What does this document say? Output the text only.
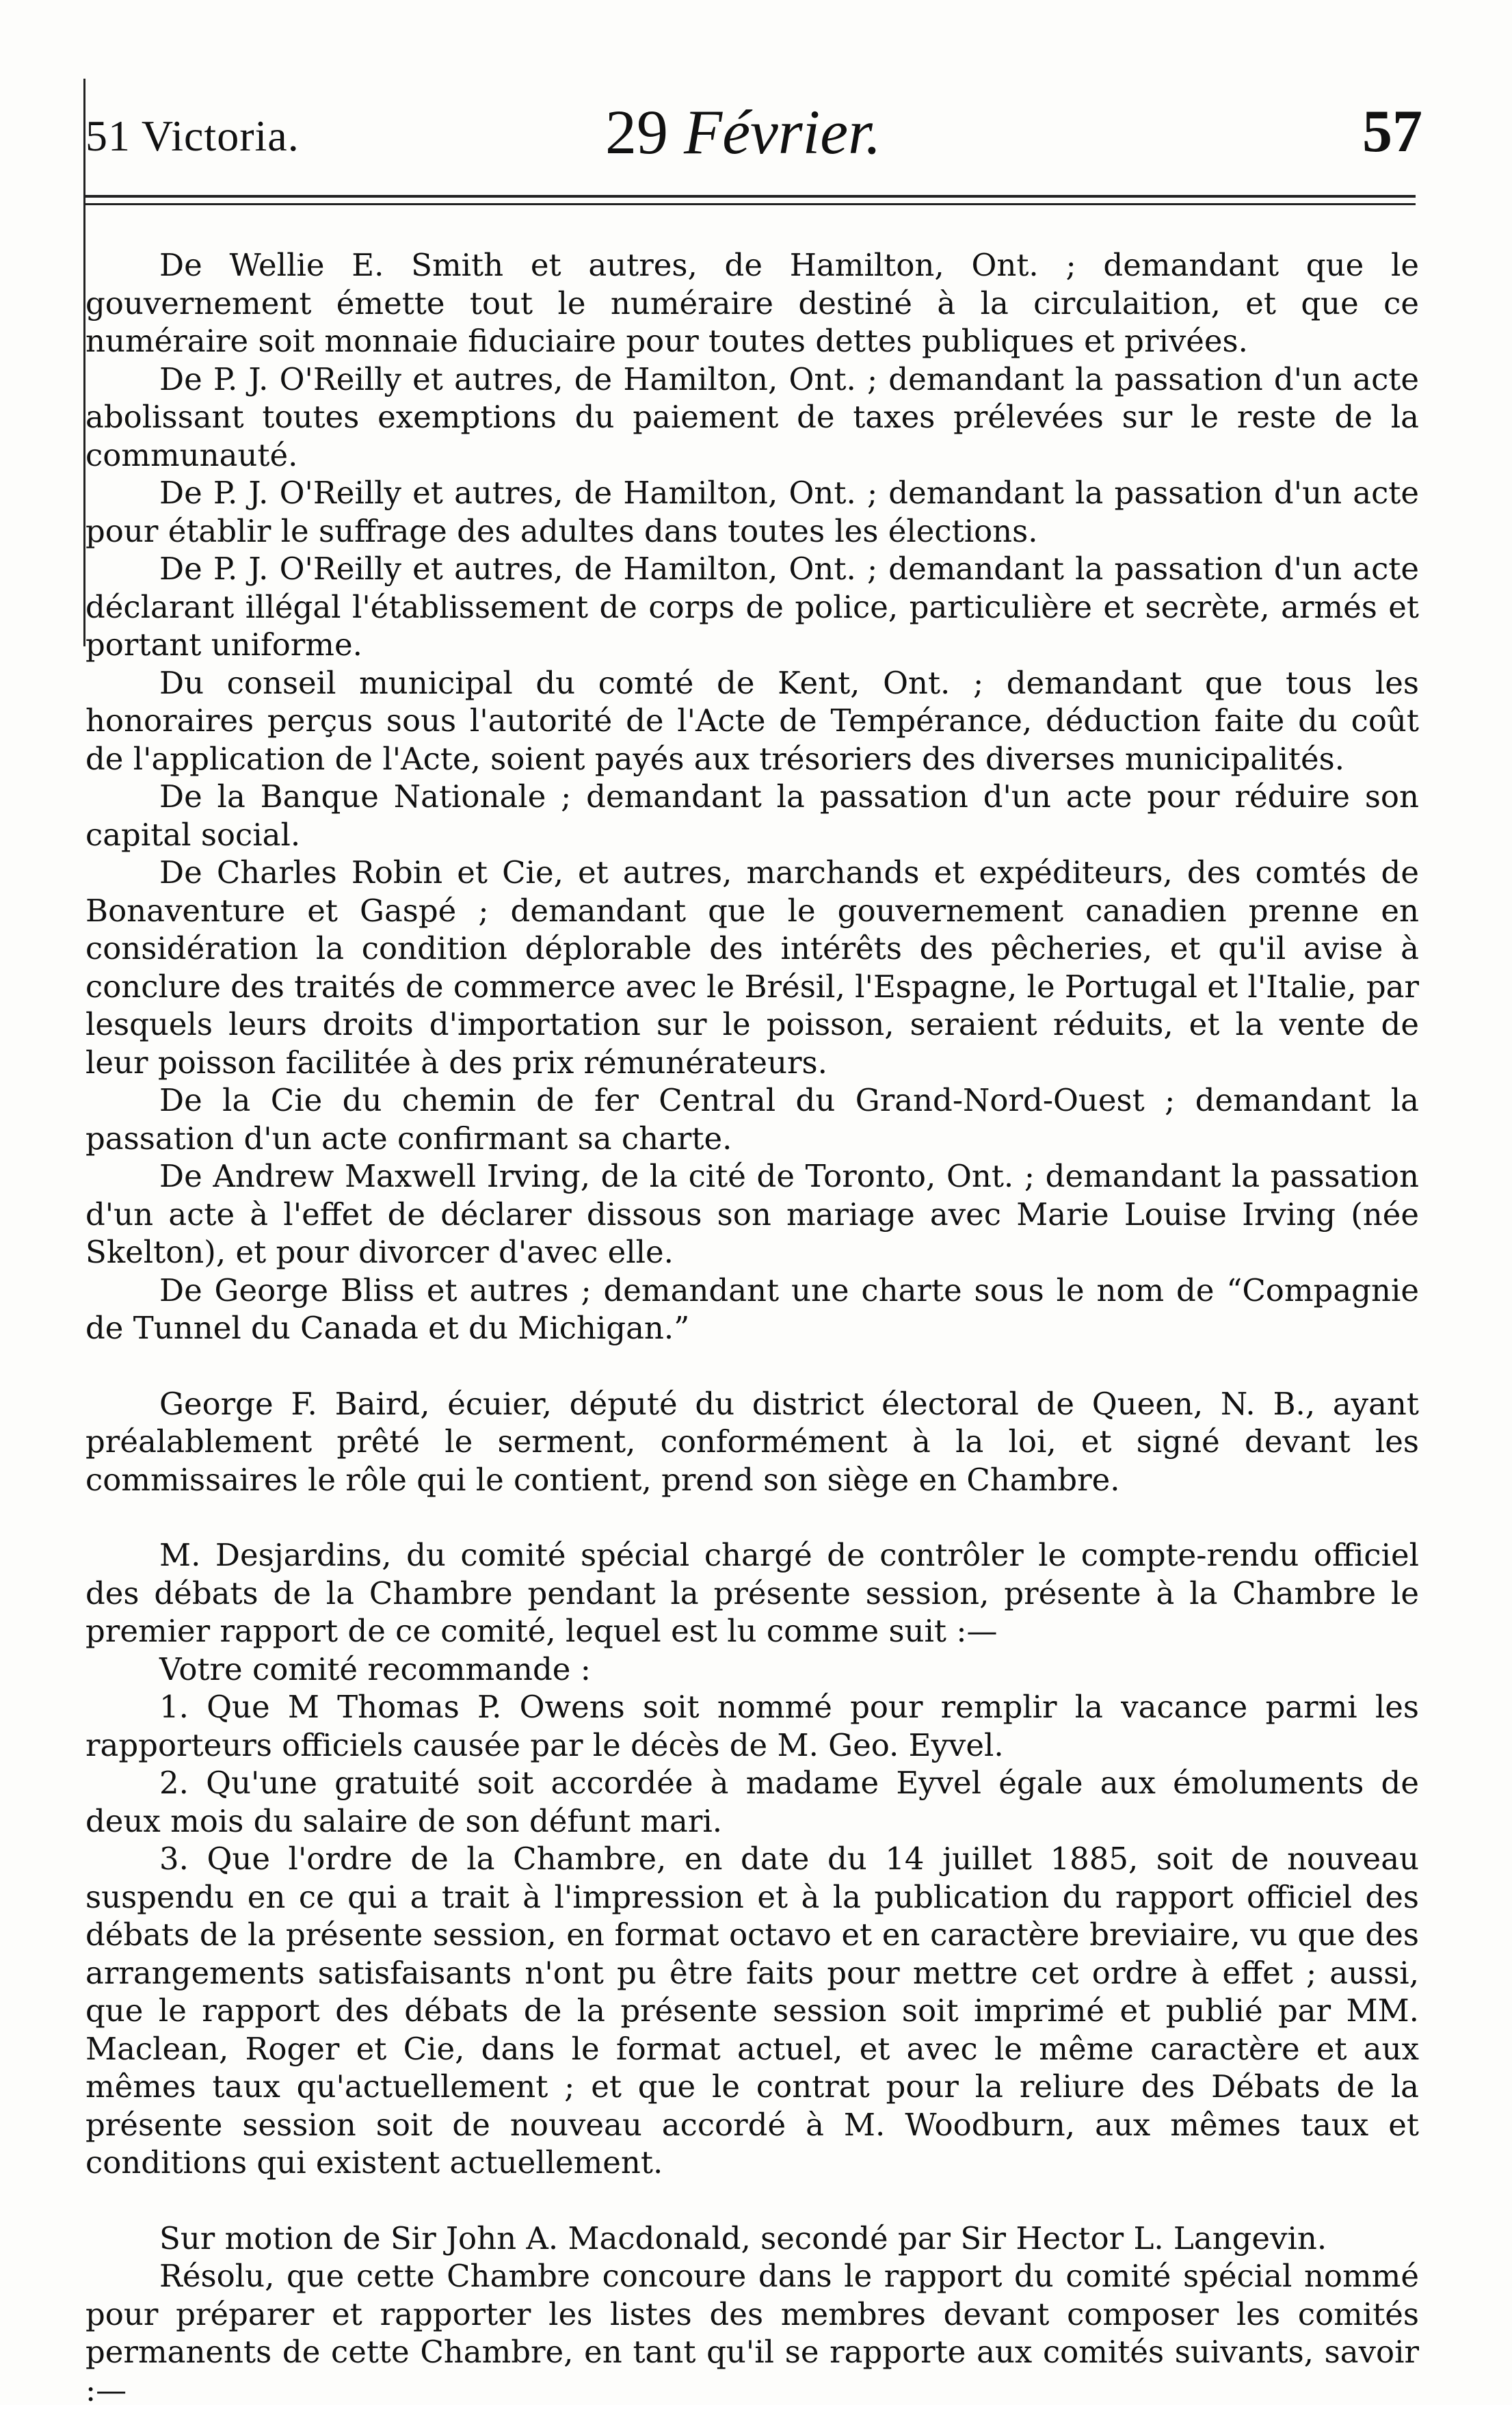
51 Victoria.	29 Février.	57

De Wellie E. Smith et autres, de Hamilton, Ont. ; demandant que le gouvernement émette tout le numéraire destiné à la circulaition, et que ce numéraire soit monnaie fiduciaire pour toutes dettes publiques et privées.

De P. J. O'Reilly et autres, de Hamilton, Ont. ; demandant la passation d'un acte abolissant toutes exemptions du paiement de taxes prélevées sur le reste de la communauté.

De P. J. O'Reilly et autres, de Hamilton, Ont. ; demandant la passation d'un acte pour établir le suffrage des adultes dans toutes les élections.

De P. J. O'Reilly et autres, de Hamilton, Ont. ; demandant la passation d'un acte déclarant illégal l'établissement de corps de police, particulière et secrète, armés et portant uniforme.

Du conseil municipal du comté de Kent, Ont. ; demandant que tous les honoraires perçus sous l'autorité de l'Acte de Tempérance, déduction faite du coût de l'application de l'Acte, soient payés aux trésoriers des diverses municipalités.

De la Banque Nationale ; demandant la passation d'un acte pour réduire son capital social.

De Charles Robin et Cie, et autres, marchands et expéditeurs, des comtés de Bonaventure et Gaspé ; demandant que le gouvernement canadien prenne en considération la condition déplorable des intérêts des pêcheries, et qu'il avise à conclure des traités de commerce avec le Brésil, l'Espagne, le Portugal et l'Italie, par lesquels leurs droits d'importation sur le poisson, seraient réduits, et la vente de leur poisson facilitée à des prix rémunérateurs.

De la Cie du chemin de fer Central du Grand-Nord-Ouest ; demandant la passation d'un acte confirmant sa charte.

De Andrew Maxwell Irving, de la cité de Toronto, Ont. ; demandant la passation d'un acte à l'effet de déclarer dissous son mariage avec Marie Louise Irving (née Skelton), et pour divorcer d'avec elle.

De George Bliss et autres ; demandant une charte sous le nom de “Compagnie de Tunnel du Canada et du Michigan.”

George F. Baird, écuier, député du district électoral de Queen, N. B., ayant préalablement prêté le serment, conformément à la loi, et signé devant les commissaires le rôle qui le contient, prend son siège en Chambre.

M. Desjardins, du comité spécial chargé de contrôler le compte-rendu officiel des débats de la Chambre pendant la présente session, présente à la Chambre le premier rapport de ce comité, lequel est lu comme suit :—

Votre comité recommande :

1. Que M Thomas P. Owens soit nommé pour remplir la vacance parmi les rapporteurs officiels causée par le décès de M. Geo. Eyvel.

2. Qu'une gratuité soit accordée à madame Eyvel égale aux émoluments de deux mois du salaire de son défunt mari.

3. Que l'ordre de la Chambre, en date du 14 juillet 1885, soit de nouveau suspendu en ce qui a trait à l'impression et à la publication du rapport officiel des débats de la présente session, en format octavo et en caractère breviaire, vu que des arrangements satisfaisants n'ont pu être faits pour mettre cet ordre à effet ; aussi, que le rapport des débats de la présente session soit imprimé et publié par MM. Maclean, Roger et Cie, dans le format actuel, et avec le même caractère et aux mêmes taux qu'actuellement ; et que le contrat pour la reliure des Débats de la présente session soit de nouveau accordé à M. Woodburn, aux mêmes taux et conditions qui existent actuellement.

Sur motion de Sir John A. Macdonald, secondé par Sir Hector L. Langevin.

Résolu, que cette Chambre concoure dans le rapport du comité spécial nommé pour préparer et rapporter les listes des membres devant composer les comités permanents de cette Chambre, en tant qu'il se rapporte aux comités suivants, savoir :—
